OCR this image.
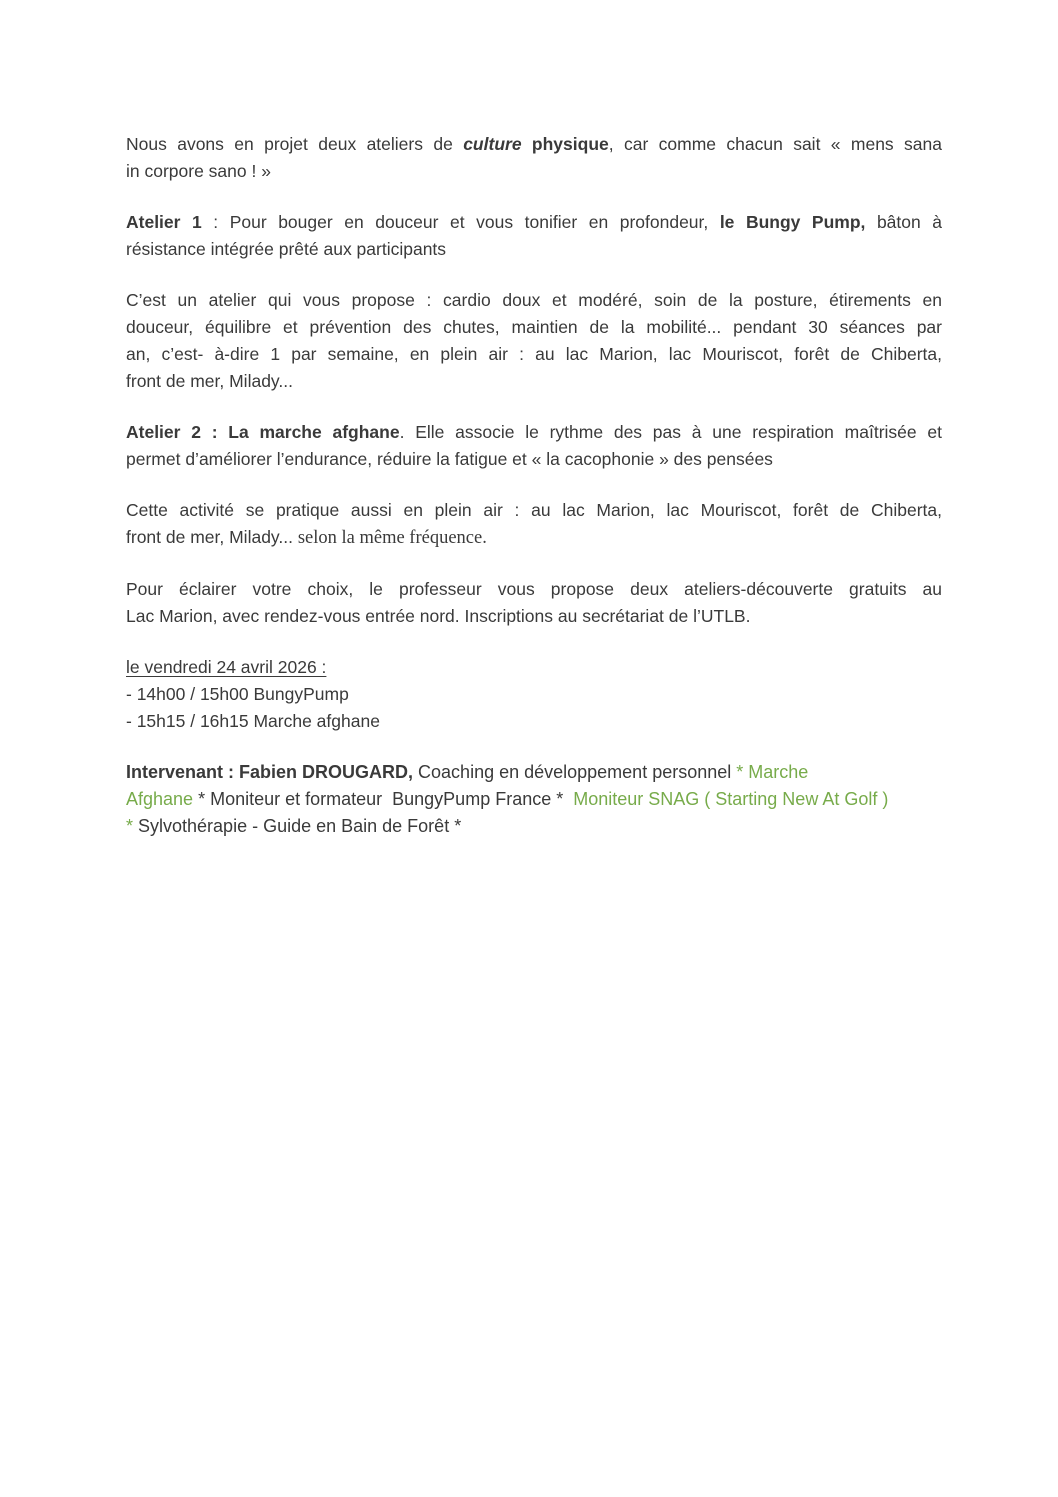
Nous avons en projet deux ateliers de culture physique, car comme chacun sait « mens sana
in corpore sano ! »
Atelier 1 : Pour bouger en douceur et vous tonifier en profondeur, le Bungy Pump, bâton à
résistance intégrée prêté aux participants
C’est un atelier qui vous propose : cardio doux et modéré, soin de la posture, étirements en
douceur, équilibre et prévention des chutes, maintien de la mobilité... pendant 30 séances par
an, c’est- à-dire 1 par semaine, en plein air : au lac Marion, lac Mouriscot, forêt de Chiberta,
front de mer, Milady...
Atelier 2 : La marche afghane. Elle associe le rythme des pas à une respiration maîtrisée et
permet d’améliorer l’endurance, réduire la fatigue et « la cacophonie » des pensées
Cette activité se pratique aussi en plein air : au lac Marion, lac Mouriscot, forêt de Chiberta,
front de mer, Milady... selon la même fréquence.
Pour éclairer votre choix, le professeur vous propose deux ateliers-découverte gratuits au
Lac Marion, avec rendez-vous entrée nord. Inscriptions au secrétariat de l’UTLB.
le vendredi 24 avril 2026 :
- 14h00 / 15h00 BungyPump
- 15h15 / 16h15 Marche afghane
Intervenant : Fabien DROUGARD, Coaching en développement personnel * Marche
Afghane * Moniteur et formateur  BungyPump France *  Moniteur SNAG ( Starting New At Golf )
* Sylvothérapie - Guide en Bain de Forêt *
